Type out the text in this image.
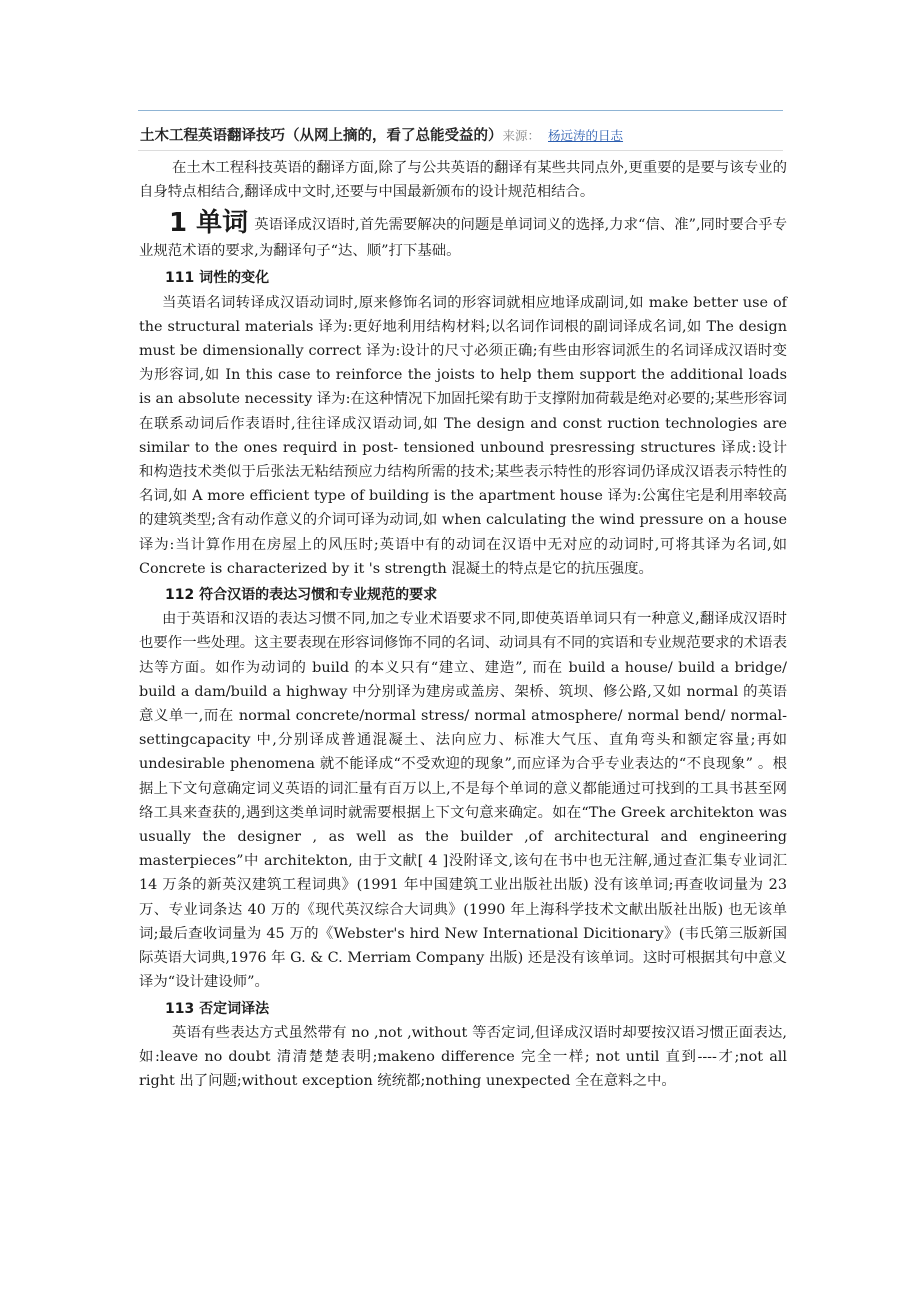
土木工程英语翻译技巧（从网上摘的，看了总能受益的）来源： 杨远涛的日志

在土木工程科技英语的翻译方面,除了与公共英语的翻译有某些共同点外,更重要的是要与该专业的自身特点相结合,翻译成中文时,还要与中国最新颁布的设计规范相结合。

1 单词 英语译成汉语时,首先需要解决的问题是单词词义的选择,力求“信、准”,同时要合乎专业规范术语的要求,为翻译句子“达、顺”打下基础。

111 词性的变化

当英语名词转译成汉语动词时,原来修饰名词的形容词就相应地译成副词,如 make better use of the structural materials 译为:更好地利用结构材料;以名词作词根的副词译成名词,如 The design must be dimensionally correct 译为:设计的尺寸必须正确;有些由形容词派生的名词译成汉语时变为形容词,如 In this case to reinforce the joists to help them support the additional loads is an absolute necessity 译为:在这种情况下加固托梁有助于支撑附加荷载是绝对必要的;某些形容词在联系动词后作表语时,往往译成汉语动词,如 The design and const ruction technologies are similar to the ones requird in post- tensioned unbound presressing structures 译成:设计和构造技术类似于后张法无粘结预应力结构所需的技术;某些表示特性的形容词仍译成汉语表示特性的名词,如 A more efficient type of building is the apartment house 译为:公寓住宅是利用率较高的建筑类型;含有动作意义的介词可译为动词,如 when calculating the wind pressure on a house 译为:当计算作用在房屋上的风压时;英语中有的动词在汉语中无对应的动词时,可将其译为名词,如 Concrete is characterized by it 's strength 混凝土的特点是它的抗压强度。

112 符合汉语的表达习惯和专业规范的要求

由于英语和汉语的表达习惯不同,加之专业术语要求不同,即使英语单词只有一种意义,翻译成汉语时也要作一些处理。这主要表现在形容词修饰不同的名词、动词具有不同的宾语和专业规范要求的术语表达等方面。如作为动词的 build 的本义只有“建立、建造”, 而在 build a house/ build a bridge/ build a dam/build a highway 中分别译为建房或盖房、架桥、筑坝、修公路,又如 normal 的英语意义单一,而在 normal concrete/normal stress/ normal atmosphere/ normal bend/ normal- settingcapacity 中,分别译成普通混凝土、法向应力、标准大气压、直角弯头和额定容量;再如 undesirable phenomena 就不能译成“不受欢迎的现象”,而应译为合乎专业表达的“不良现象” 。根据上下文句意确定词义英语的词汇量有百万以上,不是每个单词的意义都能通过可找到的工具书甚至网络工具来查获的,遇到这类单词时就需要根据上下文句意来确定。如在“The Greek architekton was usually the designer , as well as the builder ,of architectural and engineering masterpieces”中 architekton, 由于文献[ 4 ]没附译文,该句在书中也无注解,通过查汇集专业词汇 14 万条的新英汉建筑工程词典》(1991 年中国建筑工业出版社出版) 没有该单词;再查收词量为 23 万、专业词条达 40 万的《现代英汉综合大词典》(1990 年上海科学技术文献出版社出版) 也无该单词;最后查收词量为 45 万的《Webster's hird New International Dicitionary》(韦氏第三版新国际英语大词典,1976 年 G. & C. Merriam Company 出版) 还是没有该单词。这时可根据其句中意义译为“设计建设师”。

113 否定词译法

英语有些表达方式虽然带有 no ,not ,without 等否定词,但译成汉语时却要按汉语习惯正面表达,如:leave no doubt 清清楚楚表明;makeno difference 完全一样; not until 直到----才;not all right 出了问题;without exception 统统都;nothing unexpected 全在意料之中。
